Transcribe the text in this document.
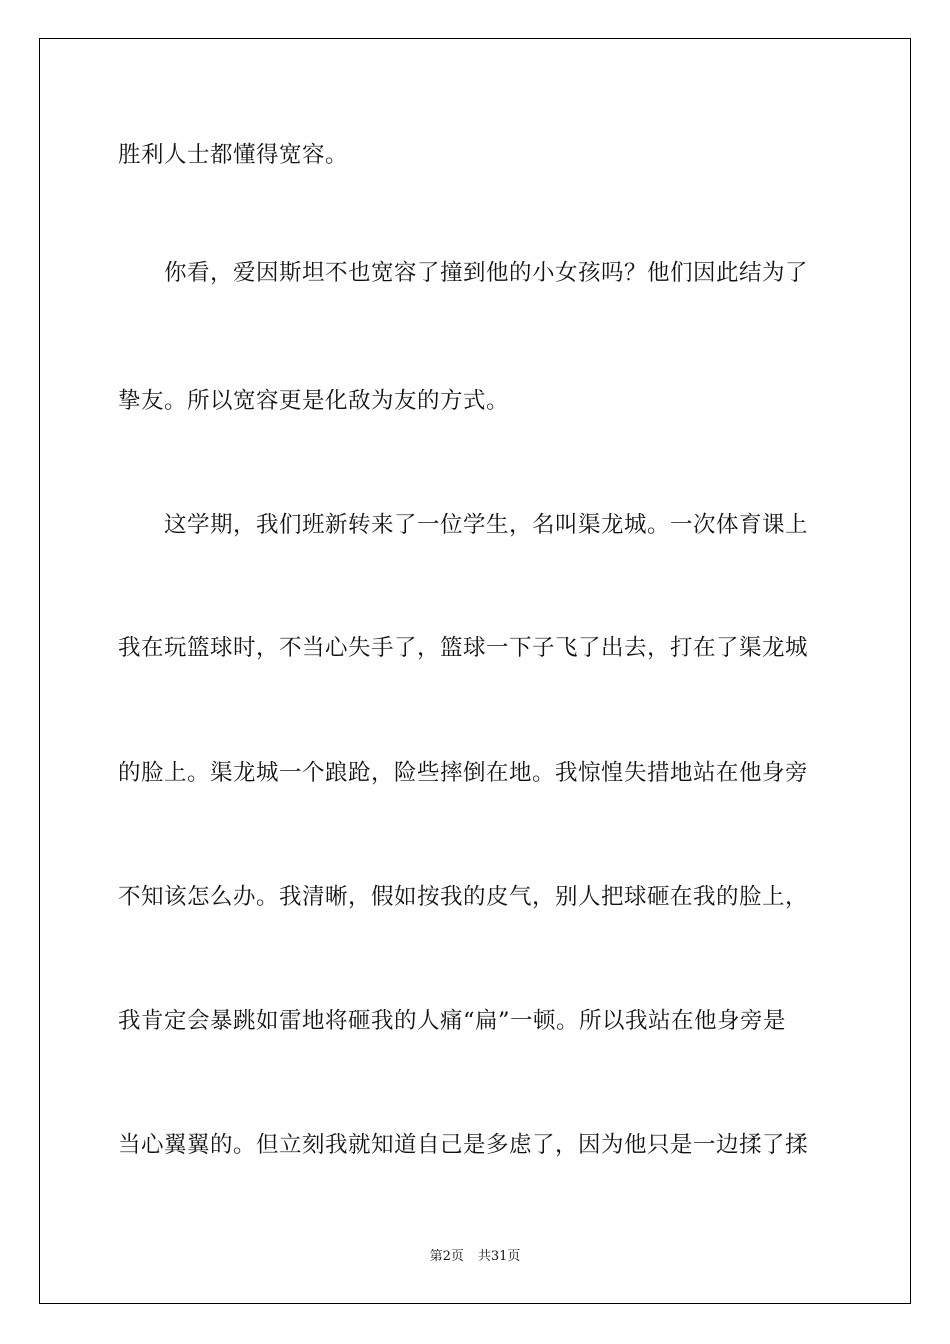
胜利人士都懂得宽容。
　　你看，爱因斯坦不也宽容了撞到他的小女孩吗？他们因此结为了
挚友。所以宽容更是化敌为友的方式。
　　这学期，我们班新转来了一位学生，名叫渠龙城。一次体育课上
我在玩篮球时，不当心失手了，篮球一下子飞了出去，打在了渠龙城
的脸上。渠龙城一个踉跄，险些摔倒在地。我惊惶失措地站在他身旁
不知该怎么办。我清晰，假如按我的皮气，别人把球砸在我的脸上，
我肯定会暴跳如雷地将砸我的人痛“扁”一顿。所以我站在他身旁是
当心翼翼的。但立刻我就知道自己是多虑了，因为他只是一边揉了揉
第2页 共31页
